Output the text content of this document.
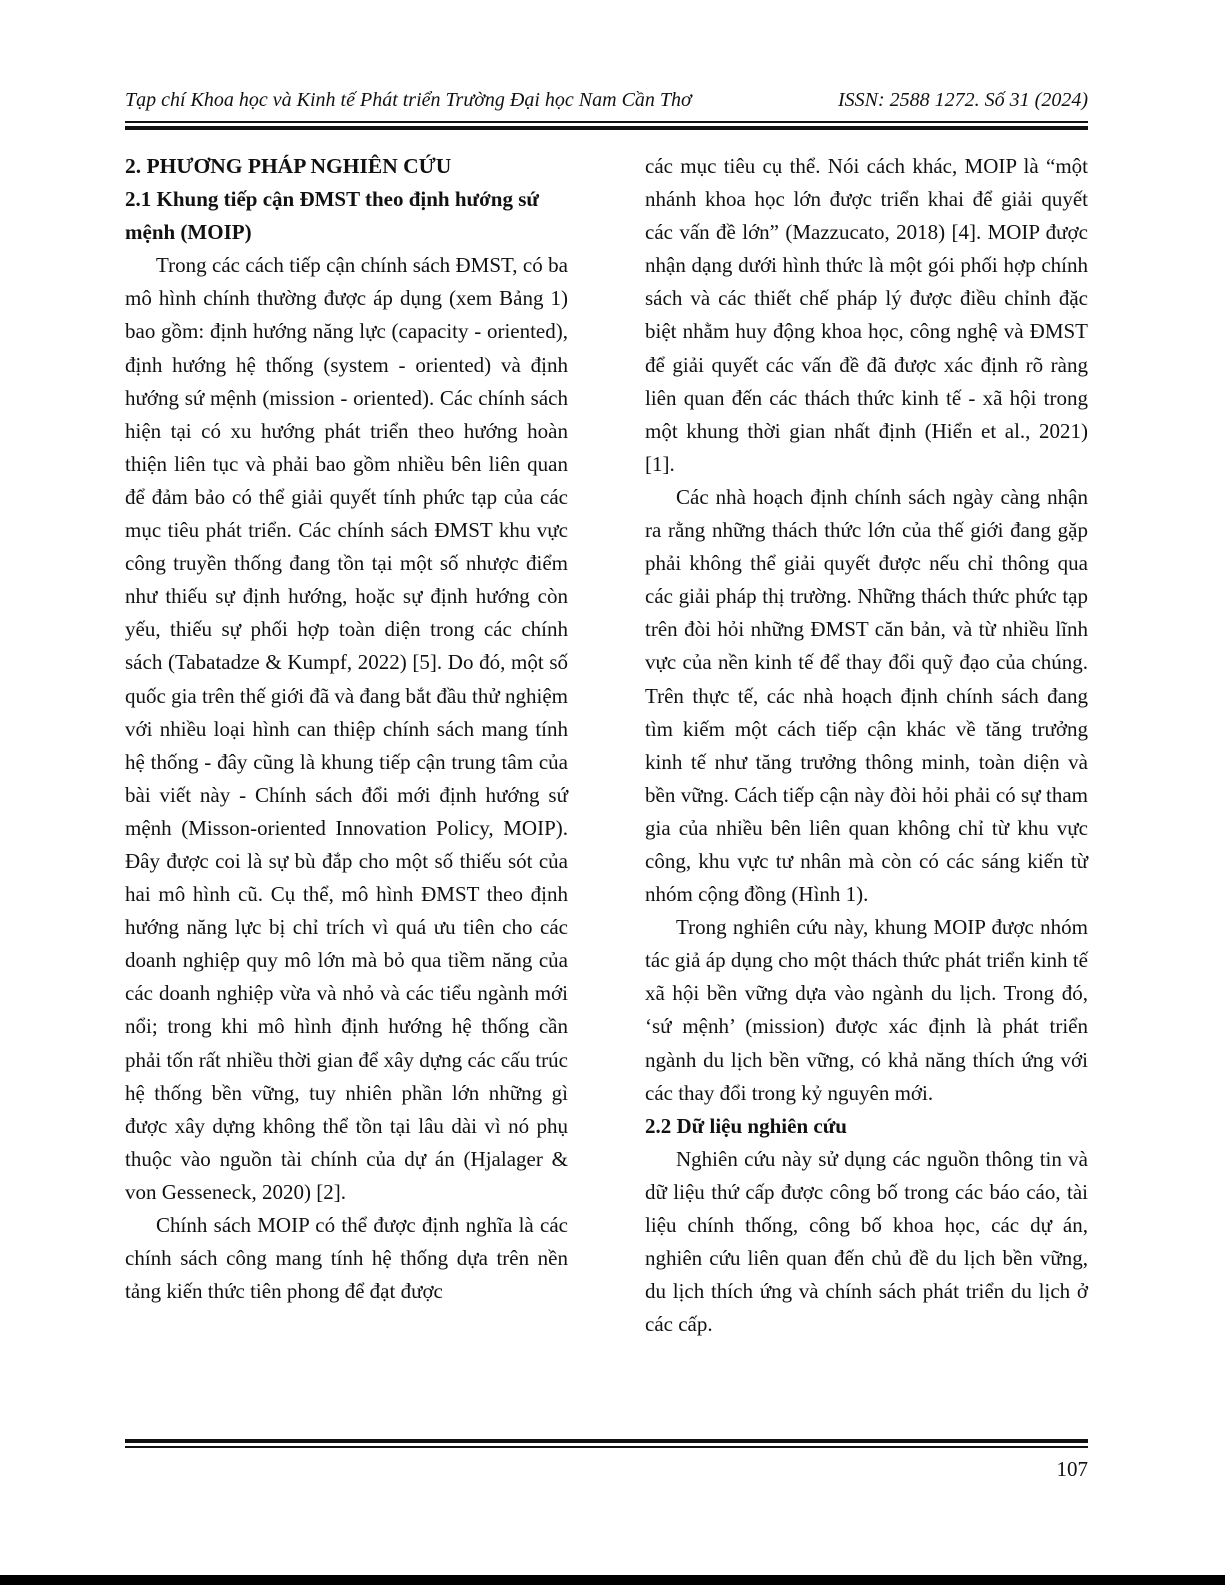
Tạp chí Khoa học và Kinh tế Phát triển Trường Đại học Nam Cần Thơ	ISSN: 2588 1272. Số 31 (2024)
2. PHƯƠNG PHÁP NGHIÊN CỨU
2.1 Khung tiếp cận ĐMST theo định hướng sứ mệnh (MOIP)

Trong các cách tiếp cận chính sách ĐMST, có ba mô hình chính thường được áp dụng (xem Bảng 1) bao gồm: định hướng năng lực (capacity - oriented), định hướng hệ thống (system - oriented) và định hướng sứ mệnh (mission - oriented). Các chính sách hiện tại có xu hướng phát triển theo hướng hoàn thiện liên tục và phải bao gồm nhiều bên liên quan để đảm bảo có thể giải quyết tính phức tạp của các mục tiêu phát triển. Các chính sách ĐMST khu vực công truyền thống đang tồn tại một số nhược điểm như thiếu sự định hướng, hoặc sự định hướng còn yếu, thiếu sự phối hợp toàn diện trong các chính sách (Tabatadze & Kumpf, 2022) [5]. Do đó, một số quốc gia trên thế giới đã và đang bắt đầu thử nghiệm với nhiều loại hình can thiệp chính sách mang tính hệ thống - đây cũng là khung tiếp cận trung tâm của bài viết này - Chính sách đổi mới định hướng sứ mệnh (Misson-oriented Innovation Policy, MOIP). Đây được coi là sự bù đắp cho một số thiếu sót của hai mô hình cũ. Cụ thể, mô hình ĐMST theo định hướng năng lực bị chỉ trích vì quá ưu tiên cho các doanh nghiệp quy mô lớn mà bỏ qua tiềm năng của các doanh nghiệp vừa và nhỏ và các tiểu ngành mới nổi; trong khi mô hình định hướng hệ thống cần phải tốn rất nhiều thời gian để xây dựng các cấu trúc hệ thống bền vững, tuy nhiên phần lớn những gì được xây dựng không thể tồn tại lâu dài vì nó phụ thuộc vào nguồn tài chính của dự án (Hjalager & von Gesseneck, 2020) [2].

Chính sách MOIP có thể được định nghĩa là các chính sách công mang tính hệ thống dựa trên nền tảng kiến thức tiên phong để đạt được

các mục tiêu cụ thể. Nói cách khác, MOIP là “một nhánh khoa học lớn được triển khai để giải quyết các vấn đề lớn” (Mazzucato, 2018) [4]. MOIP được nhận dạng dưới hình thức là một gói phối hợp chính sách và các thiết chế pháp lý được điều chỉnh đặc biệt nhằm huy động khoa học, công nghệ và ĐMST để giải quyết các vấn đề đã được xác định rõ ràng liên quan đến các thách thức kinh tế - xã hội trong một khung thời gian nhất định (Hiển et al., 2021) [1].

Các nhà hoạch định chính sách ngày càng nhận ra rằng những thách thức lớn của thế giới đang gặp phải không thể giải quyết được nếu chỉ thông qua các giải pháp thị trường. Những thách thức phức tạp trên đòi hỏi những ĐMST căn bản, và từ nhiều lĩnh vực của nền kinh tế để thay đổi quỹ đạo của chúng. Trên thực tế, các nhà hoạch định chính sách đang tìm kiếm một cách tiếp cận khác về tăng trưởng kinh tế như tăng trưởng thông minh, toàn diện và bền vững. Cách tiếp cận này đòi hỏi phải có sự tham gia của nhiều bên liên quan không chỉ từ khu vực công, khu vực tư nhân mà còn có các sáng kiến từ nhóm cộng đồng (Hình 1).

Trong nghiên cứu này, khung MOIP được nhóm tác giả áp dụng cho một thách thức phát triển kinh tế xã hội bền vững dựa vào ngành du lịch. Trong đó, ‘sứ mệnh’ (mission) được xác định là phát triển ngành du lịch bền vững, có khả năng thích ứng với các thay đổi trong kỷ nguyên mới.

2.2 Dữ liệu nghiên cứu

Nghiên cứu này sử dụng các nguồn thông tin và dữ liệu thứ cấp được công bố trong các báo cáo, tài liệu chính thống, công bố khoa học, các dự án, nghiên cứu liên quan đến chủ đề du lịch bền vững, du lịch thích ứng và chính sách phát triển du lịch ở các cấp.

107
